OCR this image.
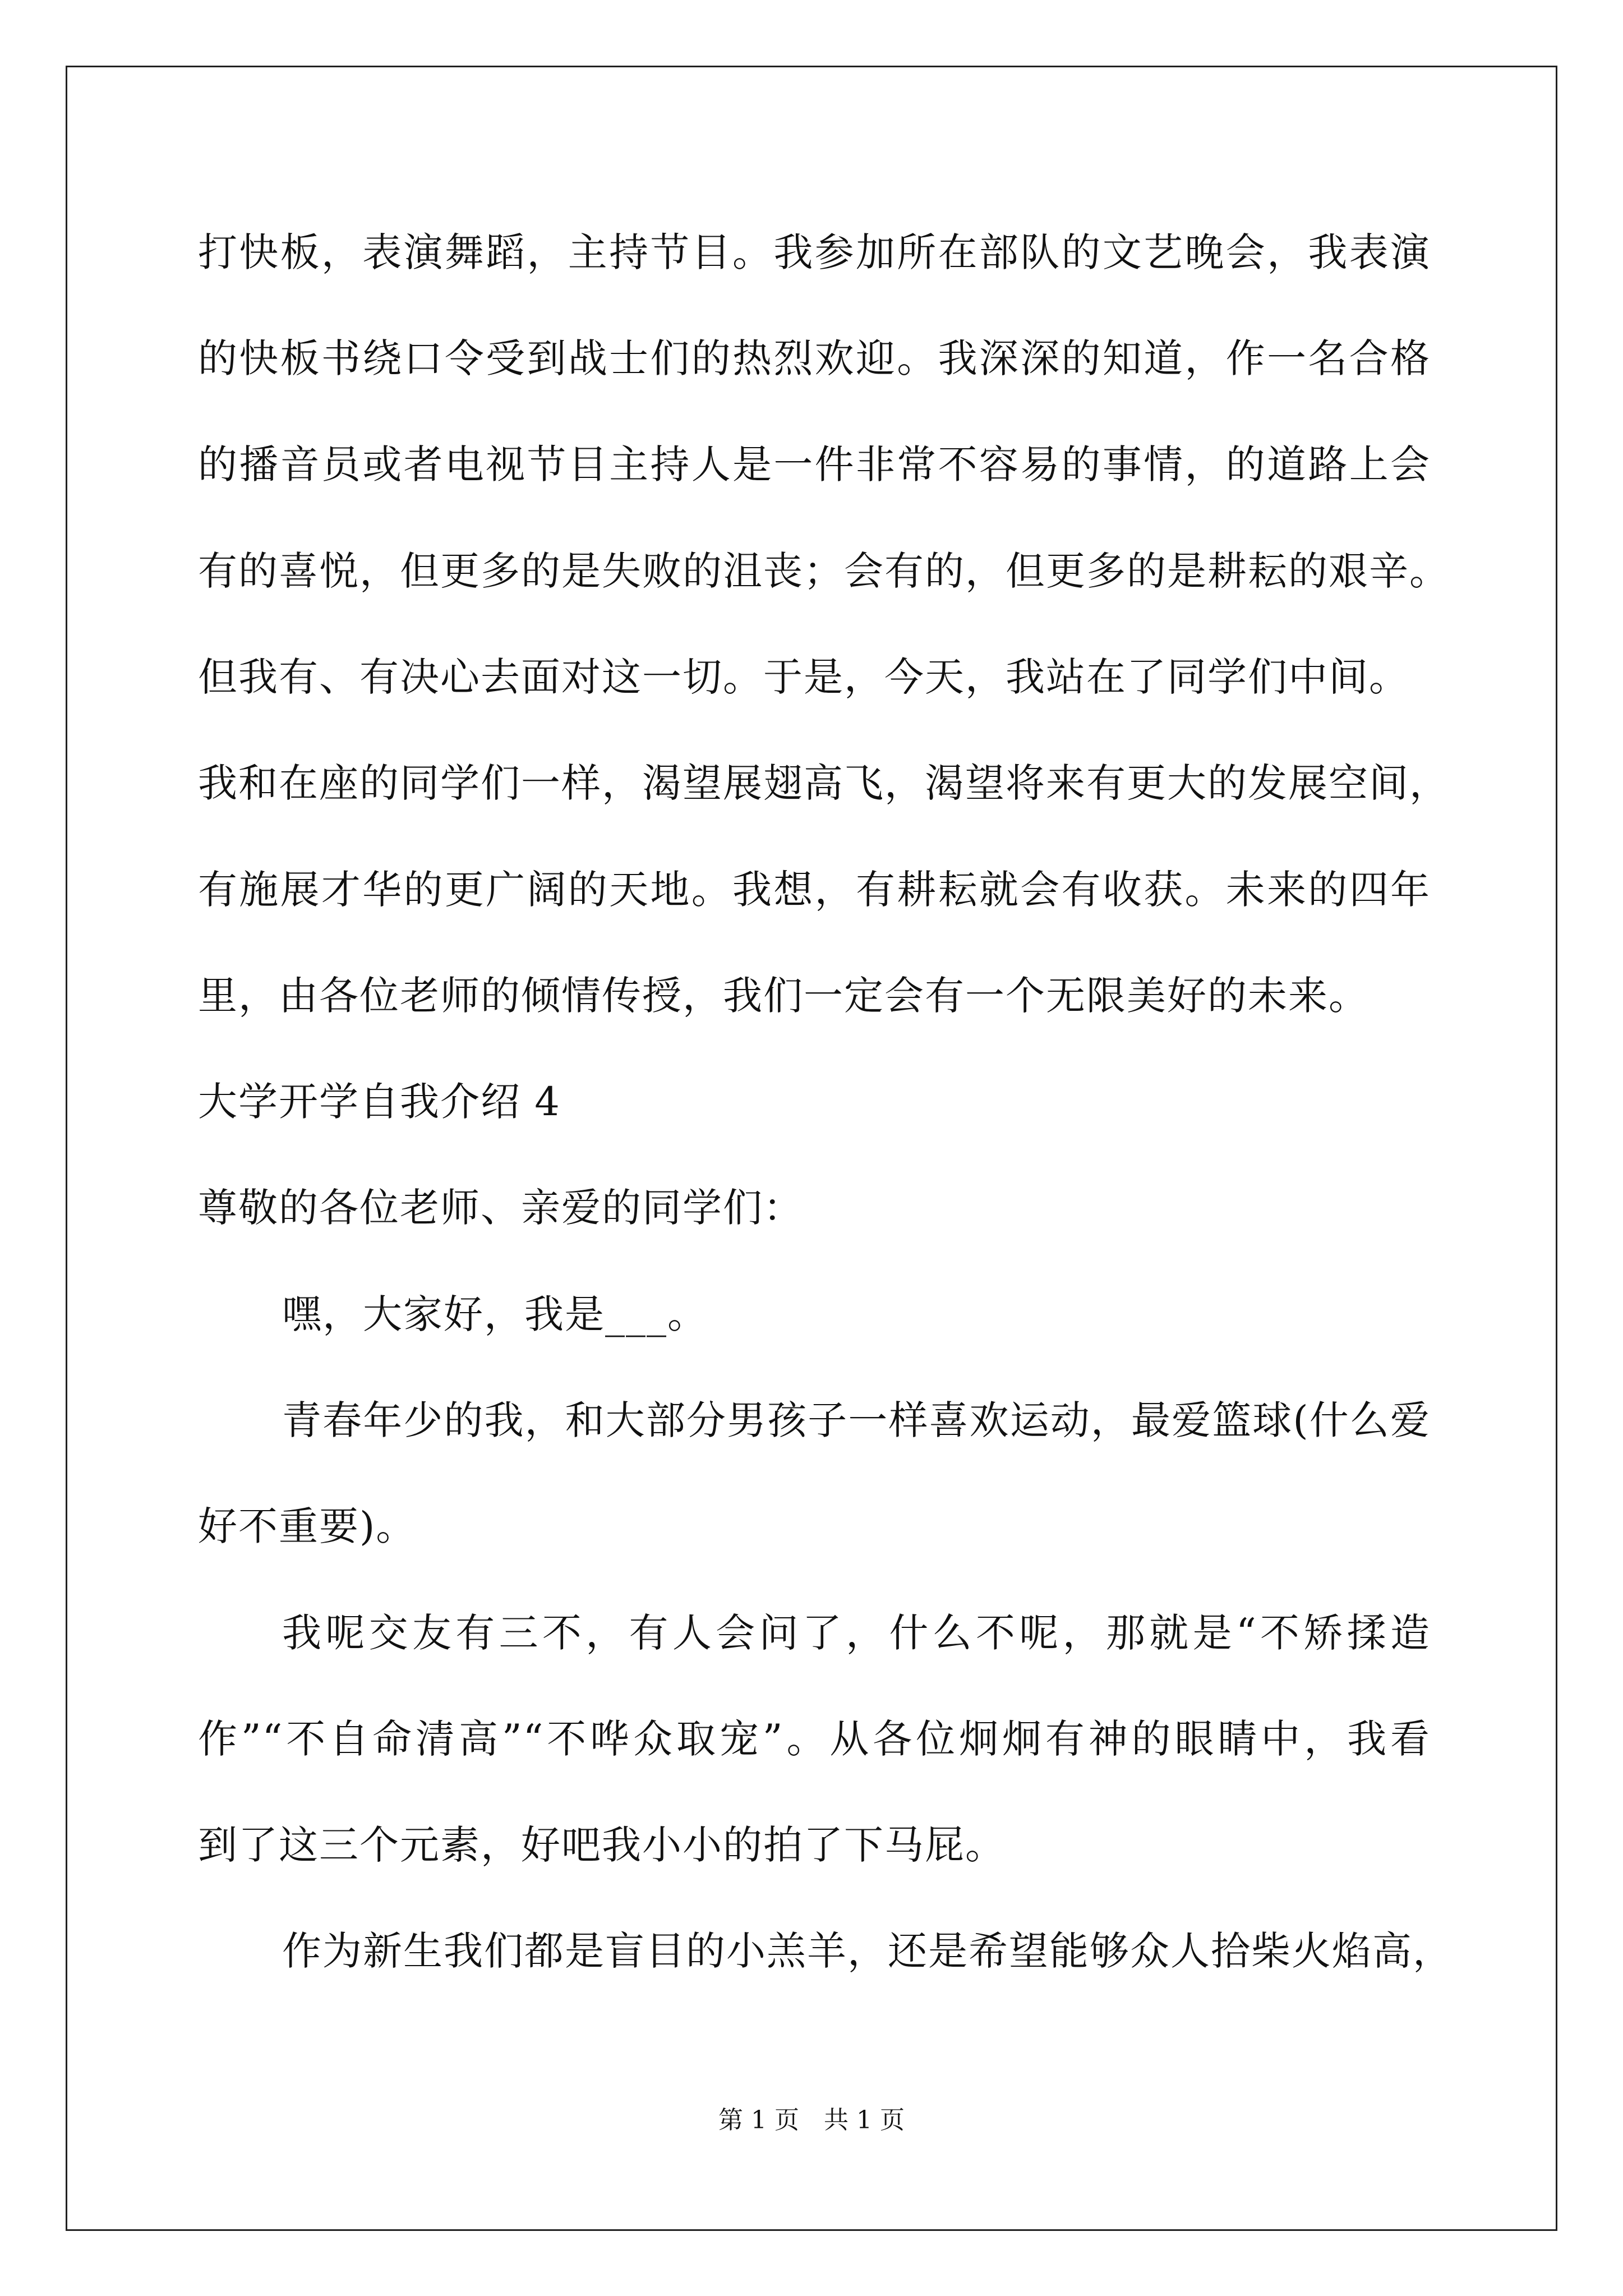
打快板，表演舞蹈，主持节目。我参加所在部队的文艺晚会，我表演
的快板书绕口令受到战士们的热烈欢迎。我深深的知道，作一名合格
的播音员或者电视节目主持人是一件非常不容易的事情，的道路上会
有的喜悦，但更多的是失败的沮丧；会有的，但更多的是耕耘的艰辛。
但我有、有决心去面对这一切。于是，今天，我站在了同学们中间。
我和在座的同学们一样，渴望展翅高飞，渴望将来有更大的发展空间，
有施展才华的更广阔的天地。我想，有耕耘就会有收获。未来的四年
里，由各位老师的倾情传授，我们一定会有一个无限美好的未来。
大学开学自我介绍 4
尊敬的各位老师、亲爱的同学们：
嘿，大家好，我是___。
青春年少的我，和大部分男孩子一样喜欢运动，最爱篮球(什么爱
好不重要)。
我呢交友有三不，有人会问了，什么不呢，那就是“不矫揉造
作”“不自命清高”“不哗众取宠”。从各位炯炯有神的眼睛中，我看
到了这三个元素，好吧我小小的拍了下马屁。
作为新生我们都是盲目的小羔羊，还是希望能够众人拾柴火焰高，
第 1 页　共 1 页
